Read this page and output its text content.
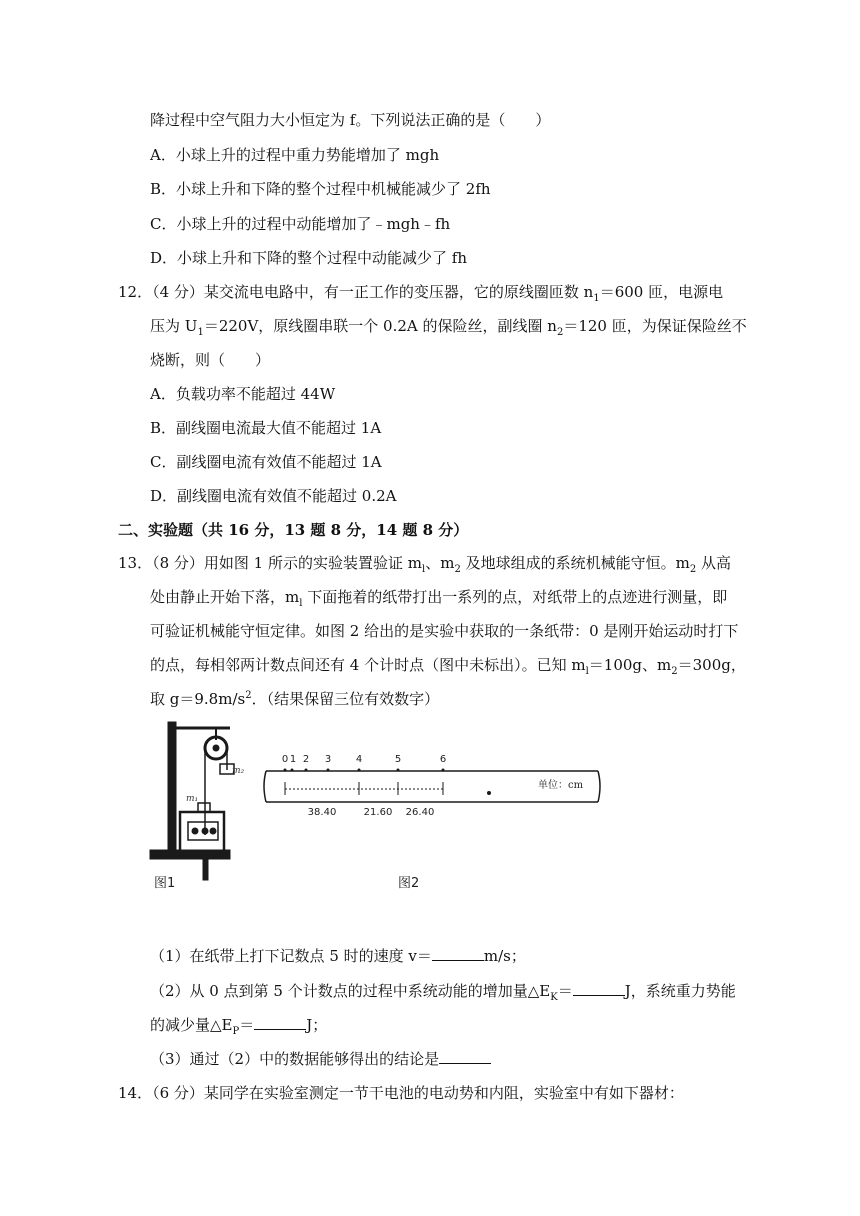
降过程中空气阻力大小恒定为 f。下列说法正确的是（　　）
A．小球上升的过程中重力势能增加了 mgh
B．小球上升和下降的整个过程中机械能减少了 2fh
C．小球上升的过程中动能增加了﹣mgh﹣fh
D．小球上升和下降的整个过程中动能减少了 fh
12．（4 分）某交流电电路中，有一正工作的变压器，它的原线圈匝数 $n_1=600$ 匝，电源电
压为 $U_1=220V$，原线圈串联一个 0.2A 的保险丝，副线圈 $n_2=120$ 匝，为保证保险丝不
烧断，则（　　）
A．负载功率不能超过 44W
B．副线圈电流最大值不能超过 1A
C．副线圈电流有效值不能超过 1A
D．副线圈电流有效值不能超过 0.2A
二、实验题（共 16 分，13 题 8 分，14 题 8 分）
13．（8 分）用如图 1 所示的实验装置验证 $m_l$、$m_2$ 及地球组成的系统机械能守恒。$m_2$ 从高
处由静止开始下落，$m_l$ 下面拖着的纸带打出一系列的点，对纸带上的点迹进行测量，即
可验证机械能守恒定律。如图 2 给出的是实验中获取的一条纸带：0 是刚开始运动时打下
的点，每相邻两计数点间还有 4 个计时点（图中未标出）。已知 $m_l=100g$、$m_2=300g$，
取 $g=9.8m/s^2$．（结果保留三位有效数字）
m₂
m₁
0 1 2 3 4	5	6
38.40	21.60 26.40
单位：cm
图1	图2
（1）在纸带上打下记数点 5 时的速度 v＝	m/s；
（2）从 0 点到第 5 个计数点的过程中系统动能的增加量$\triangle E_K=$	J，系统重力势能
的减少量$\triangle E_P=$	J；
（3）通过（2）中的数据能够得出的结论是
14．（6 分）某同学在实验室测定一节干电池的电动势和内阻，实验室中有如下器材：
